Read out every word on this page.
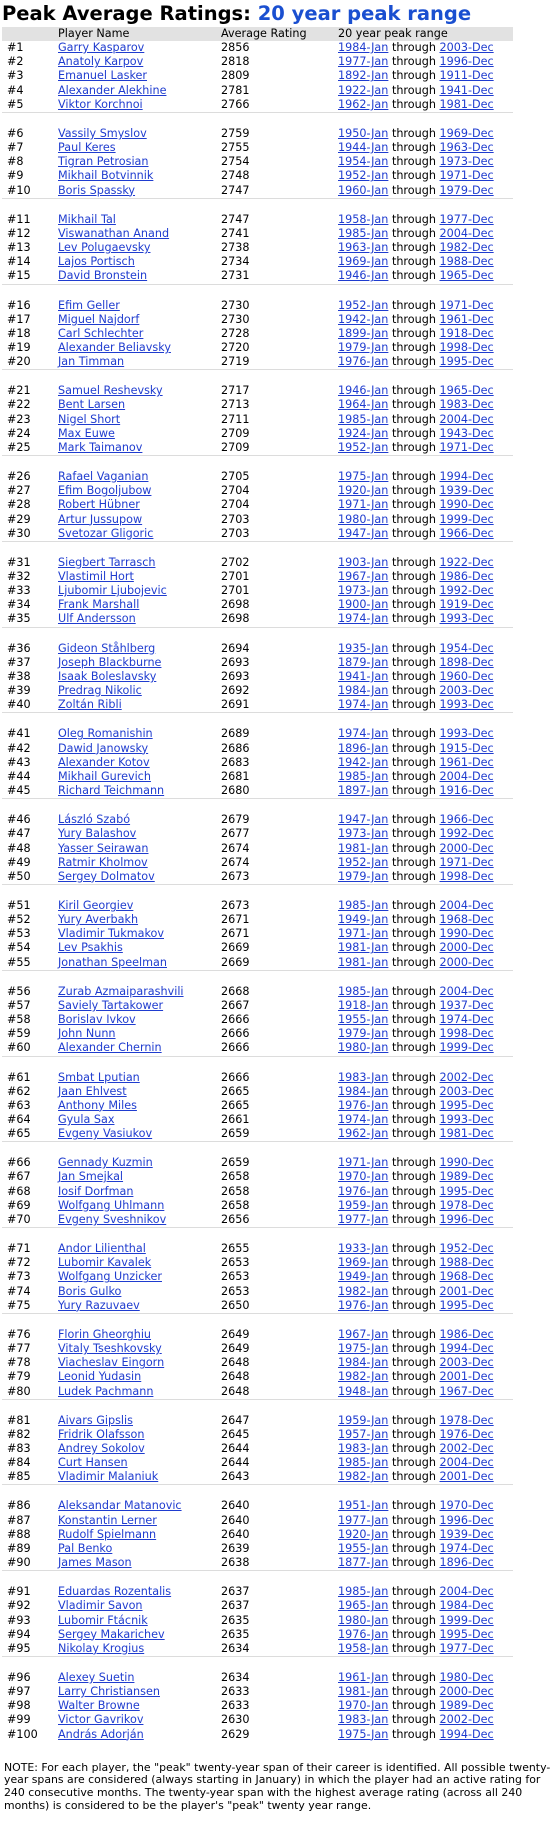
Peak Average Ratings: 20 year peak range
	Player Name	Average Rating	20 year peak range
#1	Garry Kasparov	2856	1984-Jan through 2003-Dec
#2	Anatoly Karpov	2818	1977-Jan through 1996-Dec
#3	Emanuel Lasker	2809	1892-Jan through 1911-Dec
#4	Alexander Alekhine	2781	1922-Jan through 1941-Dec
#5	Viktor Korchnoi	2766	1962-Jan through 1981-Dec
#6	Vassily Smyslov	2759	1950-Jan through 1969-Dec
#7	Paul Keres	2755	1944-Jan through 1963-Dec
#8	Tigran Petrosian	2754	1954-Jan through 1973-Dec
#9	Mikhail Botvinnik	2748	1952-Jan through 1971-Dec
#10	Boris Spassky	2747	1960-Jan through 1979-Dec
#11	Mikhail Tal	2747	1958-Jan through 1977-Dec
#12	Viswanathan Anand	2741	1985-Jan through 2004-Dec
#13	Lev Polugaevsky	2738	1963-Jan through 1982-Dec
#14	Lajos Portisch	2734	1969-Jan through 1988-Dec
#15	David Bronstein	2731	1946-Jan through 1965-Dec
#16	Efim Geller	2730	1952-Jan through 1971-Dec
#17	Miguel Najdorf	2730	1942-Jan through 1961-Dec
#18	Carl Schlechter	2728	1899-Jan through 1918-Dec
#19	Alexander Beliavsky	2720	1979-Jan through 1998-Dec
#20	Jan Timman	2719	1976-Jan through 1995-Dec
#21	Samuel Reshevsky	2717	1946-Jan through 1965-Dec
#22	Bent Larsen	2713	1964-Jan through 1983-Dec
#23	Nigel Short	2711	1985-Jan through 2004-Dec
#24	Max Euwe	2709	1924-Jan through 1943-Dec
#25	Mark Taimanov	2709	1952-Jan through 1971-Dec
#26	Rafael Vaganian	2705	1975-Jan through 1994-Dec
#27	Efim Bogoljubow	2704	1920-Jan through 1939-Dec
#28	Robert Hübner	2704	1971-Jan through 1990-Dec
#29	Artur Jussupow	2703	1980-Jan through 1999-Dec
#30	Svetozar Gligoric	2703	1947-Jan through 1966-Dec
#31	Siegbert Tarrasch	2702	1903-Jan through 1922-Dec
#32	Vlastimil Hort	2701	1967-Jan through 1986-Dec
#33	Ljubomir Ljubojevic	2701	1973-Jan through 1992-Dec
#34	Frank Marshall	2698	1900-Jan through 1919-Dec
#35	Ulf Andersson	2698	1974-Jan through 1993-Dec
#36	Gideon Ståhlberg	2694	1935-Jan through 1954-Dec
#37	Joseph Blackburne	2693	1879-Jan through 1898-Dec
#38	Isaak Boleslavsky	2693	1941-Jan through 1960-Dec
#39	Predrag Nikolic	2692	1984-Jan through 2003-Dec
#40	Zoltán Ribli	2691	1974-Jan through 1993-Dec
#41	Oleg Romanishin	2689	1974-Jan through 1993-Dec
#42	Dawid Janowsky	2686	1896-Jan through 1915-Dec
#43	Alexander Kotov	2683	1942-Jan through 1961-Dec
#44	Mikhail Gurevich	2681	1985-Jan through 2004-Dec
#45	Richard Teichmann	2680	1897-Jan through 1916-Dec
#46	László Szabó	2679	1947-Jan through 1966-Dec
#47	Yury Balashov	2677	1973-Jan through 1992-Dec
#48	Yasser Seirawan	2674	1981-Jan through 2000-Dec
#49	Ratmir Kholmov	2674	1952-Jan through 1971-Dec
#50	Sergey Dolmatov	2673	1979-Jan through 1998-Dec
#51	Kiril Georgiev	2673	1985-Jan through 2004-Dec
#52	Yury Averbakh	2671	1949-Jan through 1968-Dec
#53	Vladimir Tukmakov	2671	1971-Jan through 1990-Dec
#54	Lev Psakhis	2669	1981-Jan through 2000-Dec
#55	Jonathan Speelman	2669	1981-Jan through 2000-Dec
#56	Zurab Azmaiparashvili	2668	1985-Jan through 2004-Dec
#57	Saviely Tartakower	2667	1918-Jan through 1937-Dec
#58	Borislav Ivkov	2666	1955-Jan through 1974-Dec
#59	John Nunn	2666	1979-Jan through 1998-Dec
#60	Alexander Chernin	2666	1980-Jan through 1999-Dec
#61	Smbat Lputian	2666	1983-Jan through 2002-Dec
#62	Jaan Ehlvest	2665	1984-Jan through 2003-Dec
#63	Anthony Miles	2665	1976-Jan through 1995-Dec
#64	Gyula Sax	2661	1974-Jan through 1993-Dec
#65	Evgeny Vasiukov	2659	1962-Jan through 1981-Dec
#66	Gennady Kuzmin	2659	1971-Jan through 1990-Dec
#67	Jan Smejkal	2658	1970-Jan through 1989-Dec
#68	Iosif Dorfman	2658	1976-Jan through 1995-Dec
#69	Wolfgang Uhlmann	2658	1959-Jan through 1978-Dec
#70	Evgeny Sveshnikov	2656	1977-Jan through 1996-Dec
#71	Andor Lilienthal	2655	1933-Jan through 1952-Dec
#72	Lubomir Kavalek	2653	1969-Jan through 1988-Dec
#73	Wolfgang Unzicker	2653	1949-Jan through 1968-Dec
#74	Boris Gulko	2653	1982-Jan through 2001-Dec
#75	Yury Razuvaev	2650	1976-Jan through 1995-Dec
#76	Florin Gheorghiu	2649	1967-Jan through 1986-Dec
#77	Vitaly Tseshkovsky	2649	1975-Jan through 1994-Dec
#78	Viacheslav Eingorn	2648	1984-Jan through 2003-Dec
#79	Leonid Yudasin	2648	1982-Jan through 2001-Dec
#80	Ludek Pachmann	2648	1948-Jan through 1967-Dec
#81	Aivars Gipslis	2647	1959-Jan through 1978-Dec
#82	Fridrik Olafsson	2645	1957-Jan through 1976-Dec
#83	Andrey Sokolov	2644	1983-Jan through 2002-Dec
#84	Curt Hansen	2644	1985-Jan through 2004-Dec
#85	Vladimir Malaniuk	2643	1982-Jan through 2001-Dec
#86	Aleksandar Matanovic	2640	1951-Jan through 1970-Dec
#87	Konstantin Lerner	2640	1977-Jan through 1996-Dec
#88	Rudolf Spielmann	2640	1920-Jan through 1939-Dec
#89	Pal Benko	2639	1955-Jan through 1974-Dec
#90	James Mason	2638	1877-Jan through 1896-Dec
#91	Eduardas Rozentalis	2637	1985-Jan through 2004-Dec
#92	Vladimir Savon	2637	1965-Jan through 1984-Dec
#93	Lubomir Ftácnik	2635	1980-Jan through 1999-Dec
#94	Sergey Makarichev	2635	1976-Jan through 1995-Dec
#95	Nikolay Krogius	2634	1958-Jan through 1977-Dec
#96	Alexey Suetin	2634	1961-Jan through 1980-Dec
#97	Larry Christiansen	2633	1981-Jan through 2000-Dec
#98	Walter Browne	2633	1970-Jan through 1989-Dec
#99	Victor Gavrikov	2630	1983-Jan through 2002-Dec
#100	András Adorján	2629	1975-Jan through 1994-Dec
NOTE: For each player, the "peak" twenty-year span of their career is identified. All possible twenty-year spans are considered (always starting in January) in which the player had an active rating for 240 consecutive months. The twenty-year span with the highest average rating (across all 240 months) is considered to be the player's "peak" twenty year range.
